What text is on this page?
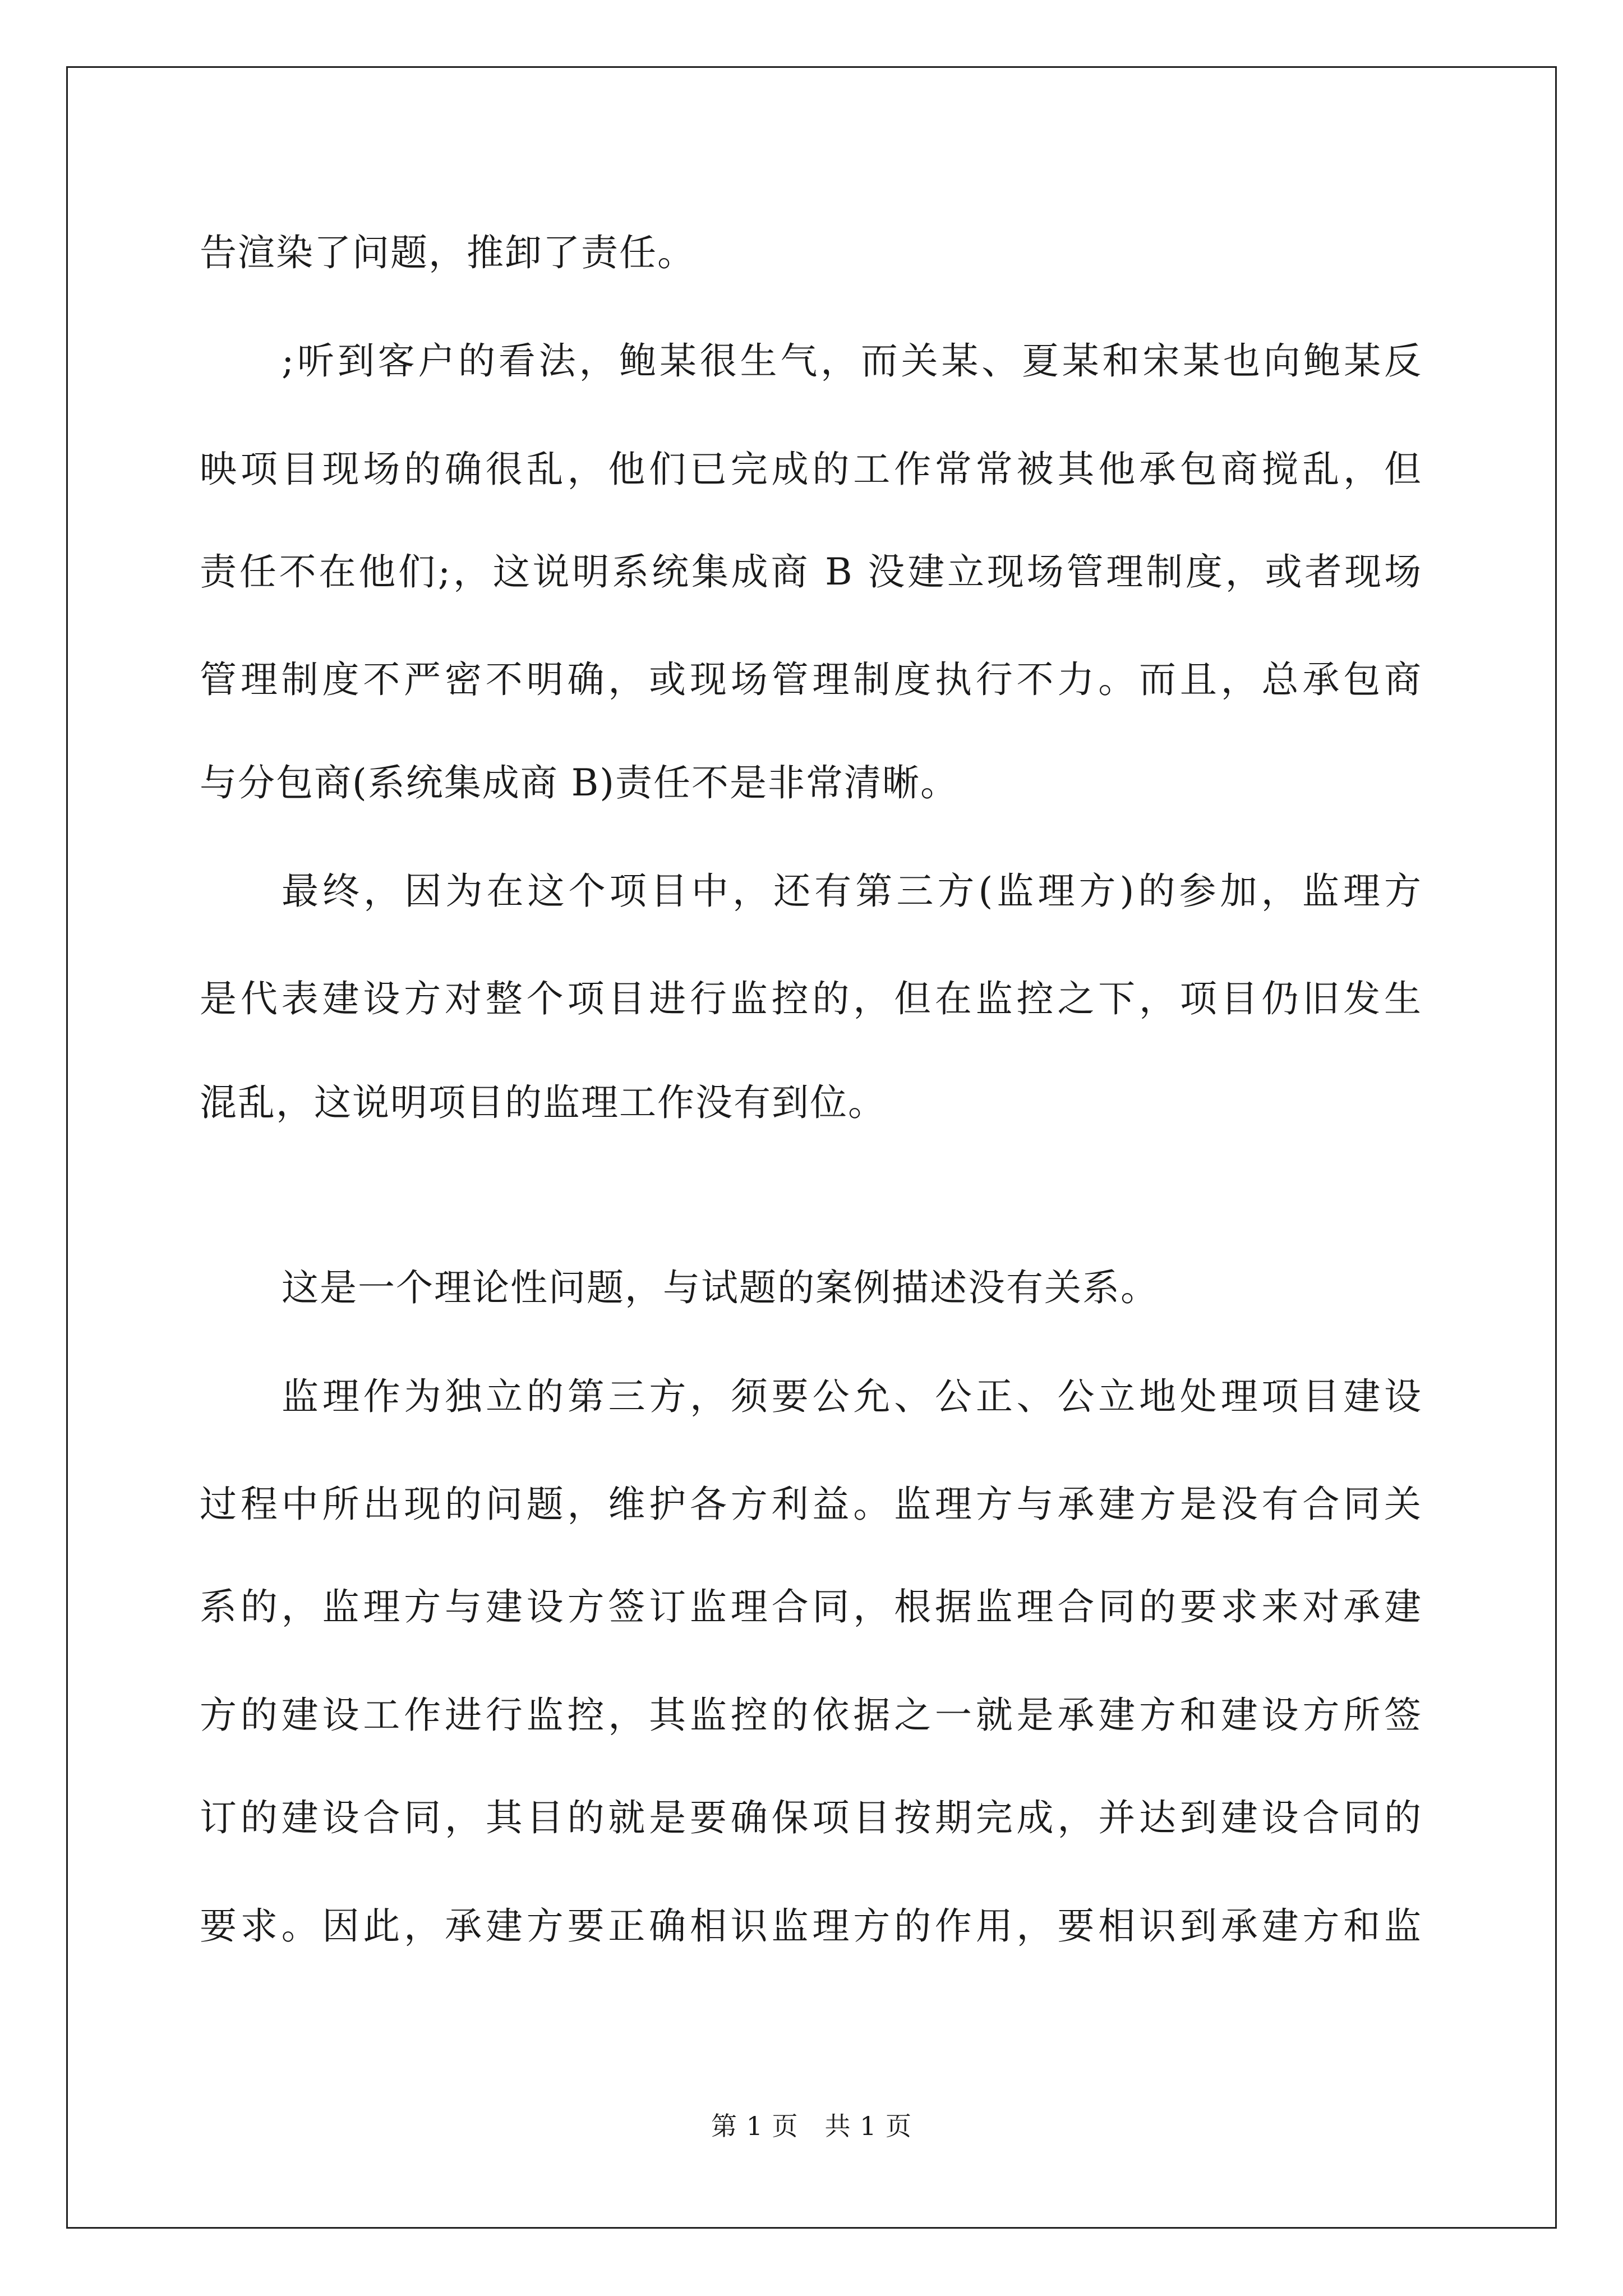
告渲染了问题，推卸了责任。
;听到客户的看法，鲍某很生气，而关某、夏某和宋某也向鲍某反
映项目现场的确很乱，他们已完成的工作常常被其他承包商搅乱，但
责任不在他们;，这说明系统集成商 B 没建立现场管理制度，或者现场
管理制度不严密不明确，或现场管理制度执行不力。而且，总承包商
与分包商(系统集成商 B)责任不是非常清晰。
最终，因为在这个项目中，还有第三方(监理方)的参加，监理方
是代表建设方对整个项目进行监控的，但在监控之下，项目仍旧发生
混乱，这说明项目的监理工作没有到位。
这是一个理论性问题，与试题的案例描述没有关系。
监理作为独立的第三方，须要公允、公正、公立地处理项目建设
过程中所出现的问题，维护各方利益。监理方与承建方是没有合同关
系的，监理方与建设方签订监理合同，根据监理合同的要求来对承建
方的建设工作进行监控，其监控的依据之一就是承建方和建设方所签
订的建设合同，其目的就是要确保项目按期完成，并达到建设合同的
要求。因此，承建方要正确相识监理方的作用，要相识到承建方和监
第 1 页　共 1 页
